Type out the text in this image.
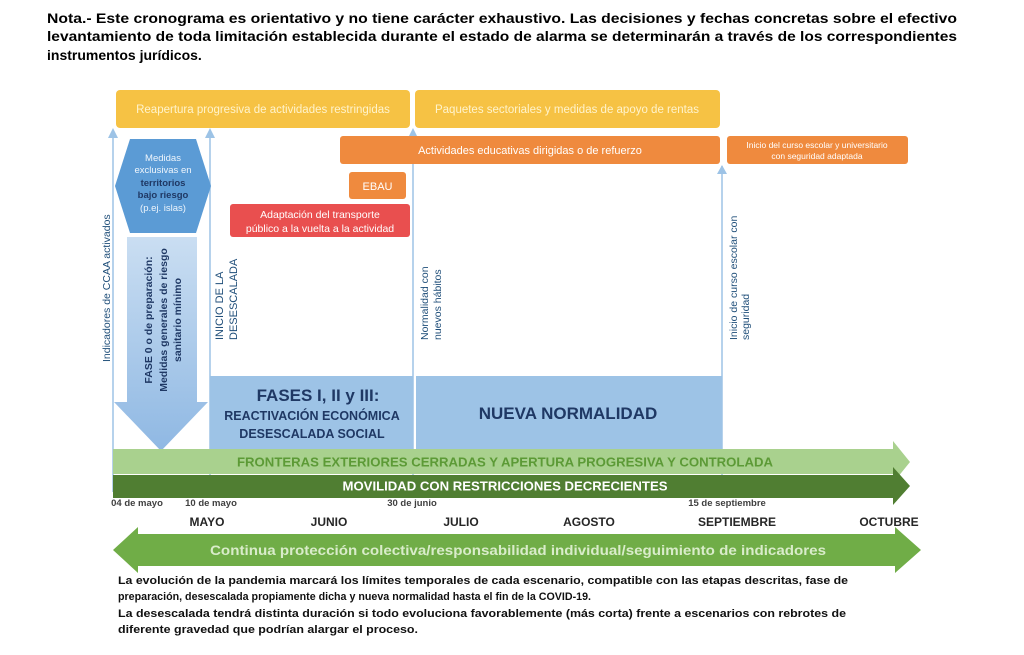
Nota.- Este cronograma es orientativo y no tiene carácter exhaustivo. Las decisiones y fechas concretas sobre el efectivo
levantamiento de toda limitación establecida durante el estado de alarma se determinarán a través de los correspondientes
instrumentos jurídicos.
Reapertura progresiva de actividades restringidas	Paquetes sectoriales y medidas de apoyo de rentas
Actividades educativas dirigidas o de refuerzo	Inicio del curso escolar y universitario
con seguridad adaptada
EBAU
Adaptación del transporte
público a la vuelta a la actividad
Medidas
exclusivas en
territorios
bajo riesgo
(p.ej. islas)
FASE 0 o de preparación: Medidas generales de riesgo sanitario mínimo
Indicadores de CCAA activados	INICIO DE LA DESESCALADA	Normalidad con nuevos hábitos	Inicio de curso escolar con seguridad
FASES I, II y III:
REACTIVACIÓN ECONÓMICA
DESESCALADA SOCIAL
NUEVA NORMALIDAD
FRONTERAS EXTERIORES CERRADAS Y APERTURA PROGRESIVA Y CONTROLADA
MOVILIDAD CON RESTRICCIONES DECRECIENTES
04 de mayo 10 de mayo	30 de junio	15 de septiembre
MAYO	JUNIO	JULIO	AGOSTO	SEPTIEMBRE	OCTUBRE
Continua protección colectiva/responsabilidad individual/seguimiento de indicadores
La evolución de la pandemia marcará los límites temporales de cada escenario, compatible con las etapas descritas, fase de
preparación, desescalada propiamente dicha y nueva normalidad hasta el fin de la COVID-19.
La desescalada tendrá distinta duración si todo evoluciona favorablemente (más corta) frente a escenarios con rebrotes de
diferente gravedad que podrían alargar el proceso.
